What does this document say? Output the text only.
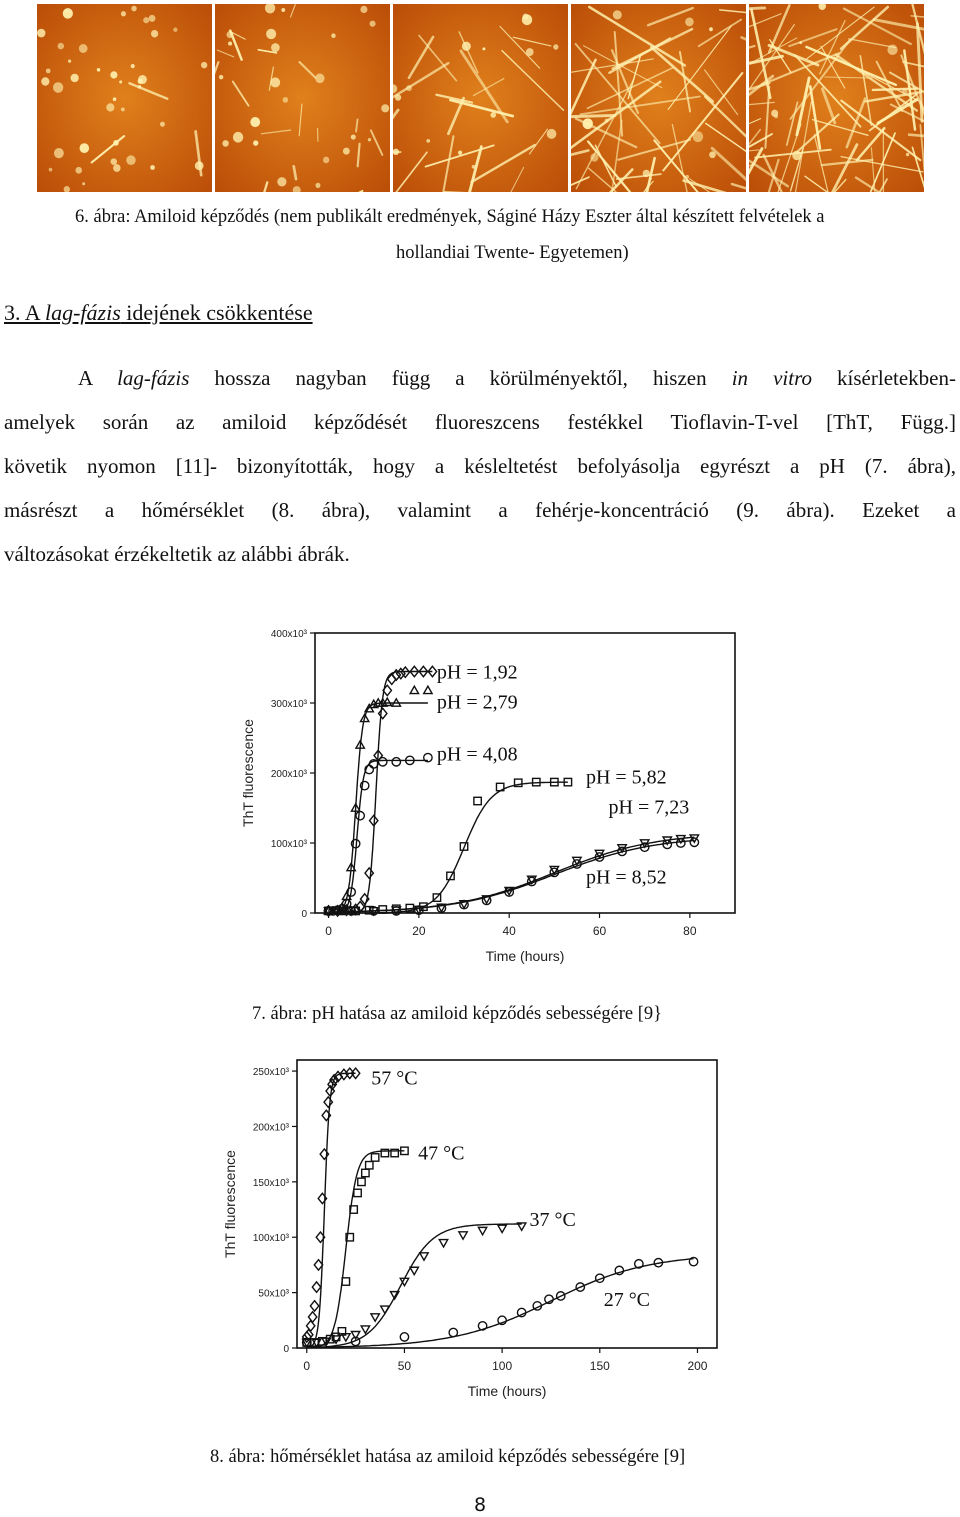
6. ábra: Amiloid képződés (nem publikált eredmények, Ságiné Házy Eszter által készített felvételek a
hollandiai Twente- Egyetemen)
3. A lag-fázis idejének csökkentése
A lag-fázis hossza nagyban függ a körülményektől, hiszen in vitro kísérletekben-
amelyek során az amiloid képződését fluoreszcens festékkel Tioflavin-T-vel [ThT, Függ.]
követik nyomon [11]- bizonyították, hogy a késleltetést befolyásolja egyrészt a pH (7. ábra),
másrészt a hőmérséklet (8. ábra), valamint a fehérje-koncentráció (9. ábra). Ezeket a
változásokat érzékeltetik az alábbi ábrák.
0	20	40	60	80
0
100x10³
200x10³
300x10³
400x10³
Time (hours)
ThT fluorescence
pH = 1,92
pH = 2,79
pH = 4,08
pH = 5,82
pH = 7,23
pH = 8,52
7. ábra: pH hatása az amiloid képződés sebességére [9}
0	50	100	150	200
0
50x10³
100x10³
150x10³
200x10³
250x10³
Time (hours)
ThT fluorescence
57 °C
47 °C
37 °C
27 °C
8. ábra: hőmérséklet hatása az amiloid képződés sebességére [9]
8
